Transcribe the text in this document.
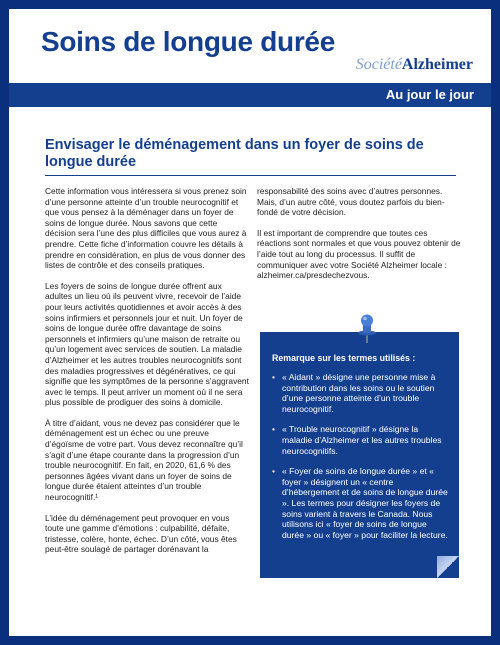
Soins de longue durée
SociétéAlzheimer
Au jour le jour
Envisager le déménagement dans un foyer de soins de longue durée

Cette information vous intéressera si vous prenez soin d’une personne atteinte d’un trouble neurocognitif et que vous pensez à la déménager dans un foyer de soins de longue durée. Nous savons que cette décision sera l’une des plus difficiles que vous aurez à prendre. Cette fiche d’information couvre les détails à prendre en considération, en plus de vous donner des listes de contrôle et des conseils pratiques.

Les foyers de soins de longue durée offrent aux adultes un lieu où ils peuvent vivre, recevoir de l’aide pour leurs activités quotidiennes et avoir accès à des soins infirmiers et personnels jour et nuit. Un foyer de soins de longue durée offre davantage de soins personnels et infirmiers qu’une maison de retraite ou qu’un logement avec services de soutien. La maladie d’Alzheimer et les autres troubles neurocognitifs sont des maladies progressives et dégénératives, ce qui signifie que les symptômes de la personne s’aggravent avec le temps. Il peut arriver un moment où il ne sera plus possible de prodiguer des soins à domicile.

À titre d’aidant, vous ne devez pas considérer que le déménagement est un échec ou une preuve d’égoïsme de votre part. Vous devez reconnaître qu’il s’agit d’une étape courante dans la progression d’un trouble neurocognitif. En fait, en 2020, 61,6 % des personnes âgées vivant dans un foyer de soins de longue durée étaient atteintes d’un trouble neurocognitif.¹

L’idée du déménagement peut provoquer en vous toute une gamme d’émotions : culpabilité, défaite, tristesse, colère, honte, échec. D’un côté, vous êtes peut-être soulagé de partager dorénavant la

responsabilité des soins avec d’autres personnes. Mais, d’un autre côté, vous doutez parfois du bien-fondé de votre décision.

Il est important de comprendre que toutes ces réactions sont normales et que vous pouvez obtenir de l’aide tout au long du processus. Il suffit de communiquer avec votre Société Alzheimer locale : alzheimer.ca/presdechezvous.

Remarque sur les termes utilisés :
• « Aidant » désigne une personne mise à contribution dans les soins ou le soutien d’une personne atteinte d’un trouble neurocognitif.
• « Trouble neurocognitif » désigne la maladie d’Alzheimer et les autres troubles neurocognitifs.
• « Foyer de soins de longue durée » et « foyer » désignent un « centre d’hébergement et de soins de longue durée ». Les termes pour désigner les foyers de soins varient à travers le Canada. Nous utilisons ici « foyer de soins de longue durée » ou « foyer » pour faciliter la lecture.
